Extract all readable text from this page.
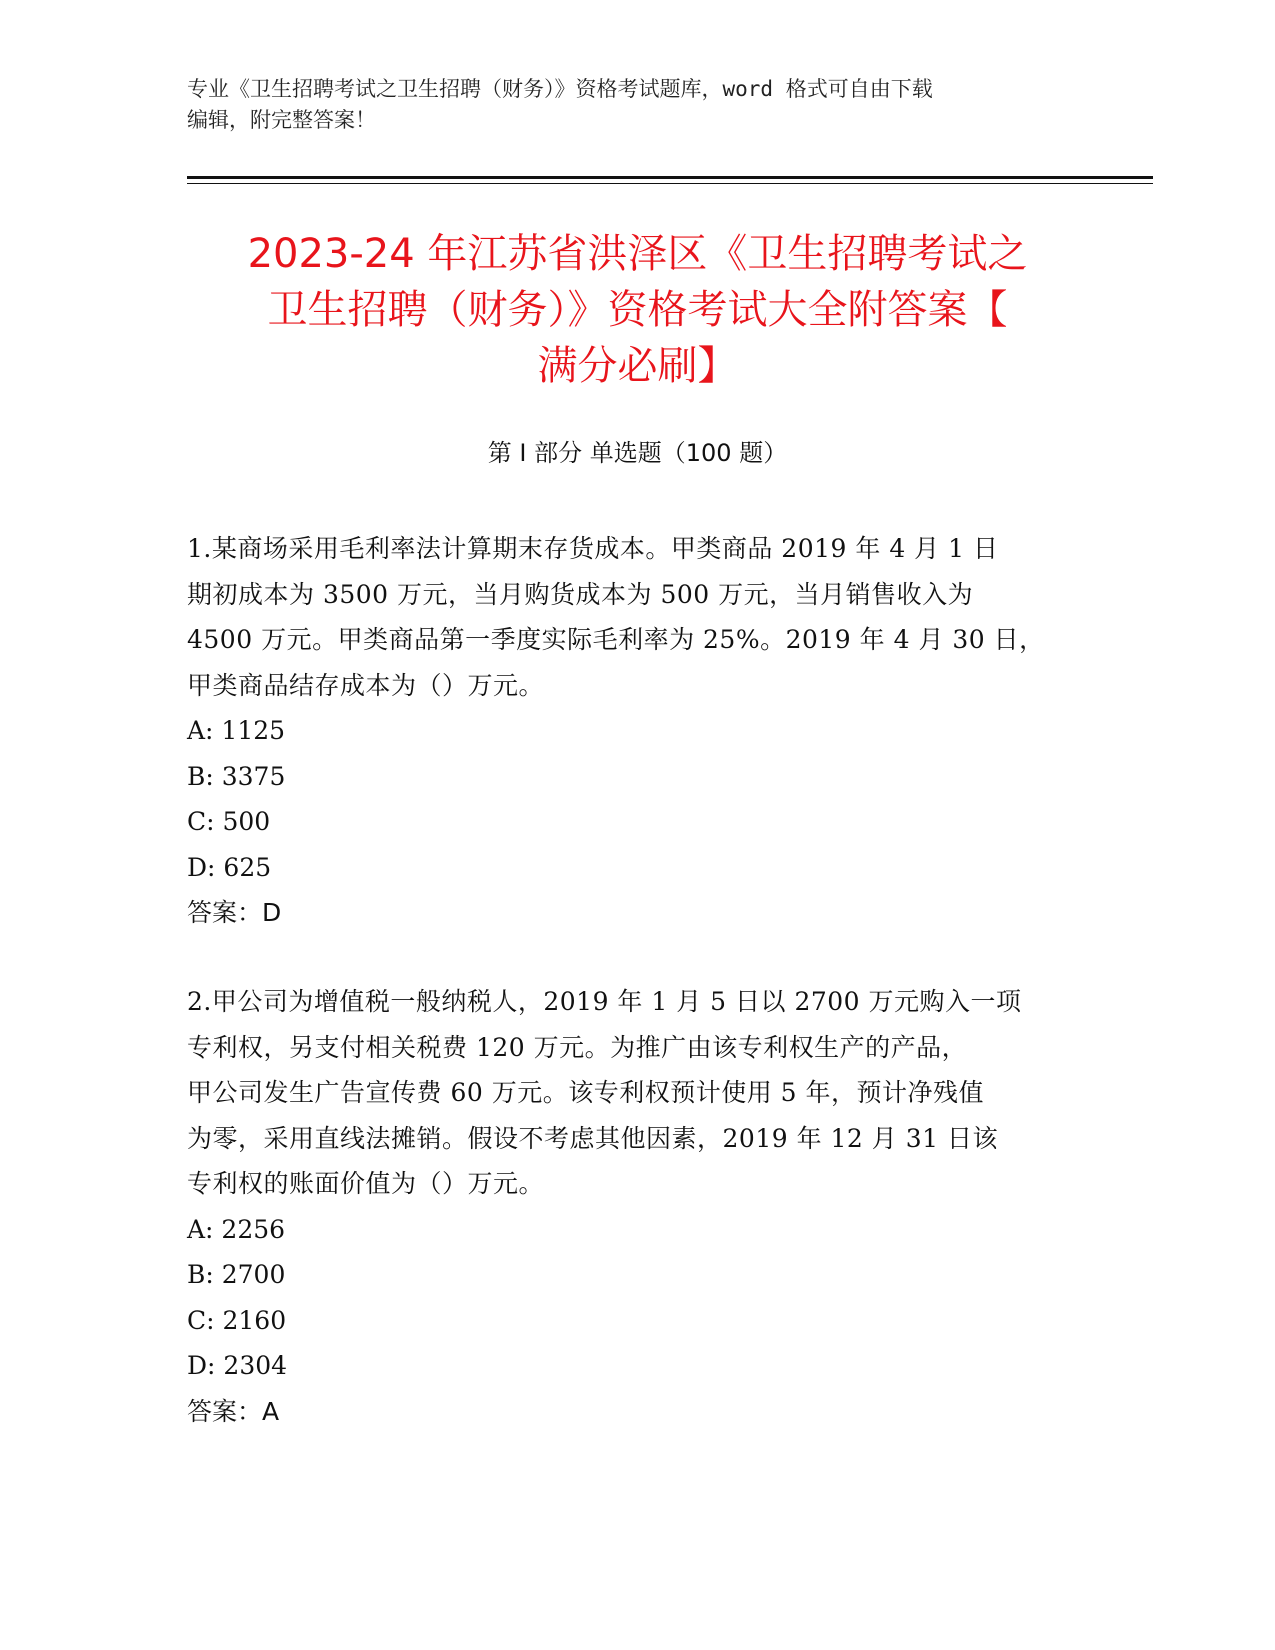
专业《卫生招聘考试之卫生招聘（财务）》资格考试题库，word 格式可自由下载
编辑，附完整答案！
2023-24 年江苏省洪泽区《卫生招聘考试之
卫生招聘（财务）》资格考试大全附答案【
满分必刷】
第 I 部分 单选题（100 题）
1.某商场采用毛利率法计算期末存货成本。甲类商品 2019 年 4 月 1 日
期初成本为 3500 万元，当月购货成本为 500 万元，当月销售收入为
4500 万元。甲类商品第一季度实际毛利率为 25%。2019 年 4 月 30 日，
甲类商品结存成本为（）万元。
A: 1125
B: 3375
C: 500
D: 625
答案：D
2.甲公司为增值税一般纳税人，2019 年 1 月 5 日以 2700 万元购入一项
专利权，另支付相关税费 120 万元。为推广由该专利权生产的产品，
甲公司发生广告宣传费 60 万元。该专利权预计使用 5 年，预计净残值
为零，采用直线法摊销。假设不考虑其他因素，2019 年 12 月 31 日该
专利权的账面价值为（）万元。
A: 2256
B: 2700
C: 2160
D: 2304
答案：A
